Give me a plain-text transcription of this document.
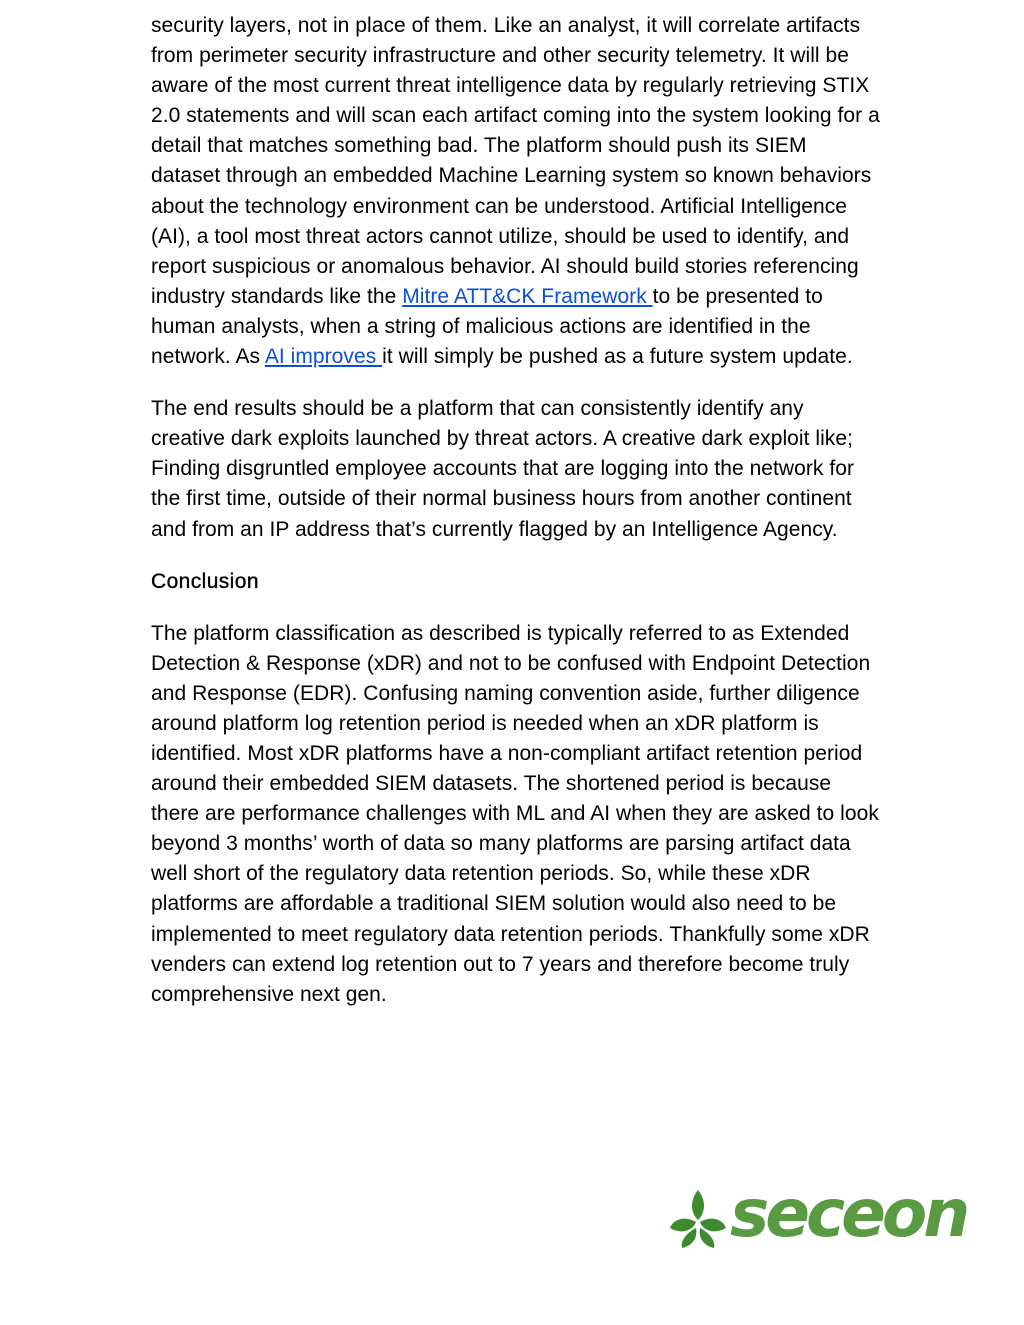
security layers, not in place of them. Like an analyst, it will correlate artifacts from perimeter security infrastructure and other security telemetry. It will be aware of the most current threat intelligence data by regularly retrieving STIX 2.0 statements and will scan each artifact coming into the system looking for a detail that matches something bad. The platform should push its SIEM dataset through an embedded Machine Learning system so known behaviors about the technology environment can be understood. Artificial Intelligence (AI), a tool most threat actors cannot utilize, should be used to identify, and report suspicious or anomalous behavior. AI should build stories referencing industry standards like the Mitre ATT&CK Framework to be presented to human analysts, when a string of malicious actions are identified in the network. As AI improves it will simply be pushed as a future system update.

The end results should be a platform that can consistently identify any creative dark exploits launched by threat actors. A creative dark exploit like; Finding disgruntled employee accounts that are logging into the network for the first time, outside of their normal business hours from another continent and from an IP address that’s currently flagged by an Intelligence Agency.

Conclusion

The platform classification as described is typically referred to as Extended Detection & Response (xDR) and not to be confused with Endpoint Detection and Response (EDR). Confusing naming convention aside, further diligence around platform log retention period is needed when an xDR platform is identified. Most xDR platforms have a non-compliant artifact retention period around their embedded SIEM datasets. The shortened period is because there are performance challenges with ML and AI when they are asked to look beyond 3 months’ worth of data so many platforms are parsing artifact data well short of the regulatory data retention periods. So, while these xDR platforms are affordable a traditional SIEM solution would also need to be implemented to meet regulatory data retention periods. Thankfully some xDR venders can extend log retention out to 7 years and therefore become truly comprehensive next gen.

seceon
